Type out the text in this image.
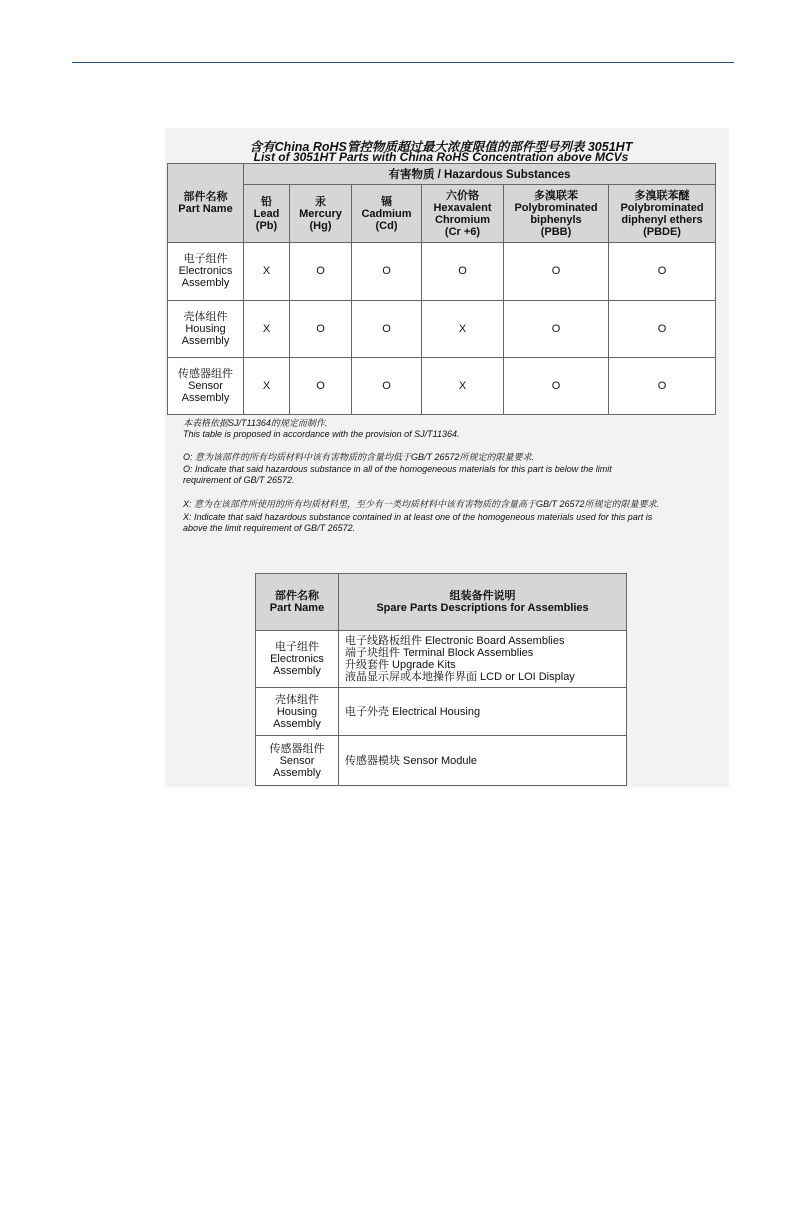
含有China RoHS管控物质超过最大浓度限值的部件型号列表 3051HT
List of 3051HT Parts with China RoHS Concentration above MCVs
部件名称
Part Name	有害物质 / Hazardous Substances					

	铅
Lead
(Pb)	汞
Mercury
(Hg)	镉
Cadmium
(Cd)	六价铬
Hexavalent
Chromium
(Cr +6)	多溴联苯
Polybrominated
biphenyls
(PBB)	多溴联苯醚
Polybrominated
diphenyl ethers
(PBDE)

电子组件
Electronics
Assembly	X	O	O	O	O	O

壳体组件
Housing
Assembly	X	O	O	X	O	O

传感器组件
Sensor
Assembly	X	O	O	X	O	O
本表格依据SJ/T11364的规定而制作.
This table is proposed in accordance with the provision of SJ/T11364.
O: 意为该部件的所有均质材料中该有害物质的含量均低于GB/T 26572所规定的限量要求.
O: Indicate that said hazardous substance in all of the homogeneous materials for this part is below the limit
requirement of GB/T 26572.
X: 意为在该部件所使用的所有均质材料里，至少有一类均质材料中该有害物质的含量高于GB/T 26572所规定的限量要求.
X: Indicate that said hazardous substance contained in at least one of the homogeneous materials used for this part is
above the limit requirement of GB/T 26572.
部件名称
Part Name	组装备件说明
Spare Parts Descriptions for Assemblies

电子组件
Electronics
Assembly	电子线路板组件 Electronic Board Assemblies
端子块组件 Terminal Block Assemblies
升级套件 Upgrade Kits
液晶显示屏或本地操作界面 LCD or LOI Display

壳体组件
Housing
Assembly	电子外壳 Electrical Housing

传感器组件
Sensor
Assembly	传感器模块 Sensor Module
